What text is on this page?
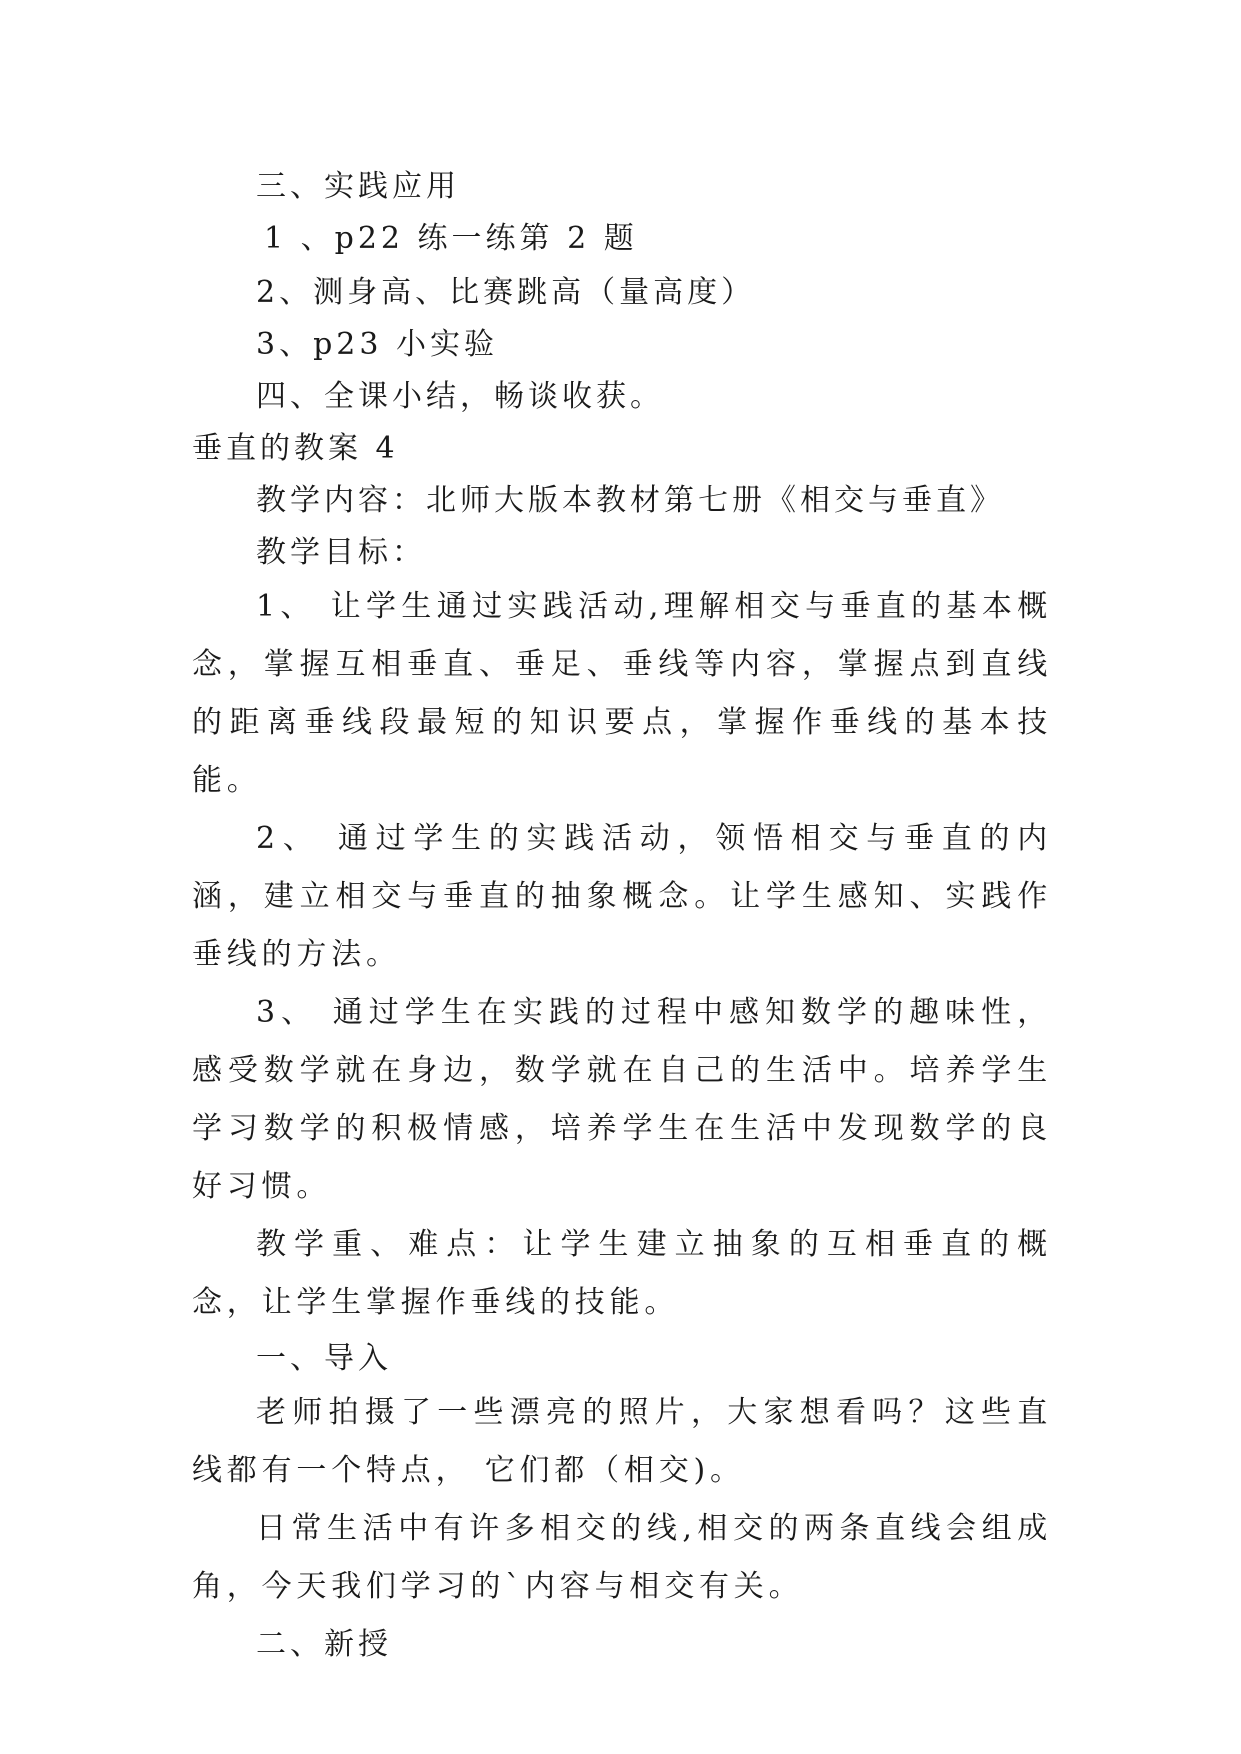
三、实践应用
1 、p22 练一练第 2 题
2、测身高、比赛跳高（量高度）
3、p23 小实验
四、全课小结，畅谈收获。
垂直的教案 4
教学内容：北师大版本教材第七册《相交与垂直》
教学目标：

1、 让学生通过实践活动,理解相交与垂直的基本概念，掌握互相垂直、垂足、垂线等内容，掌握点到直线的距离垂线段最短的知识要点，掌握作垂线的基本技能。

2、 通过学生的实践活动，领悟相交与垂直的内涵，建立相交与垂直的抽象概念。让学生感知、实践作垂线的方法。

3、 通过学生在实践的过程中感知数学的趣味性，感受数学就在身边，数学就在自己的生活中。培养学生学习数学的积极情感，培养学生在生活中发现数学的良好习惯。

教学重、难点：让学生建立抽象的互相垂直的概念，让学生掌握作垂线的技能。

一、导入

老师拍摄了一些漂亮的照片，大家想看吗？这些直线都有一个特点， 它们都（相交)。

日常生活中有许多相交的线,相交的两条直线会组成角，今天我们学习的`内容与相交有关。

二、新授
